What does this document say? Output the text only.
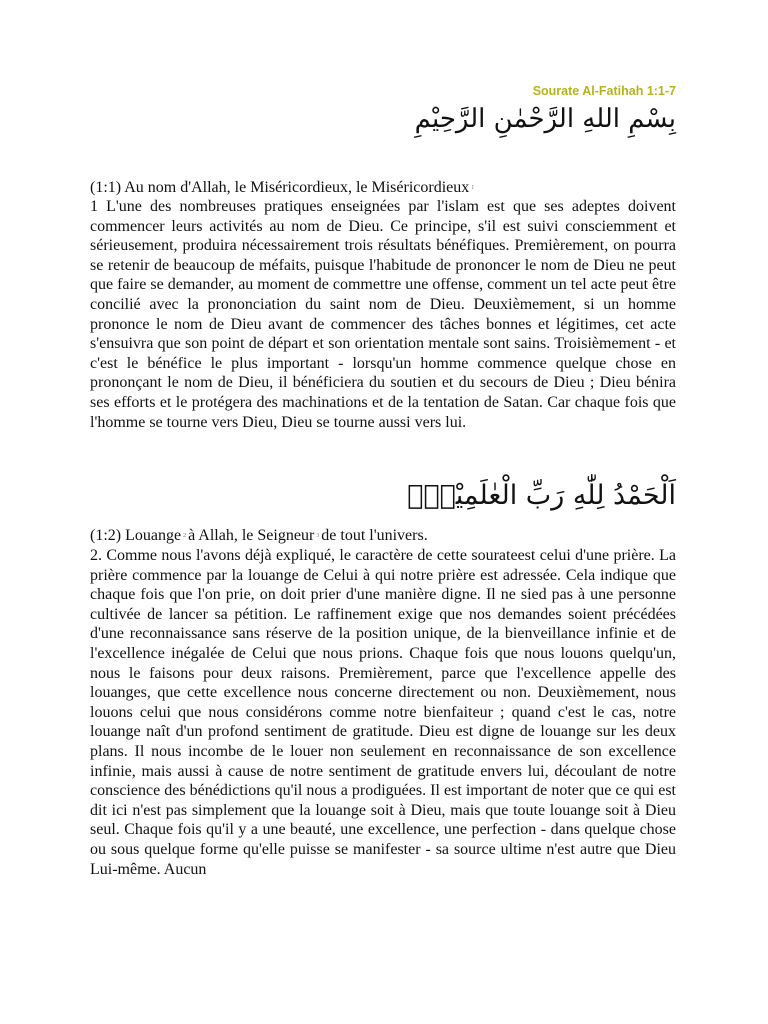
Sourate Al-Fatihah 1:1-7
بِسْمِ اللهِ الرَّحْمٰنِ الرَّحِيْمِ
(1:1) Au nom d'Allah, le Miséricordieux, le Miséricordieux 1
1 L'une des nombreuses pratiques enseignées par l'islam est que ses adeptes doivent commencer leurs activités au nom de Dieu. Ce principe, s'il est suivi consciemment et sérieusement, produira nécessairement trois résultats bénéfiques. Premièrement, on pourra se retenir de beaucoup de méfaits, puisque l'habitude de prononcer le nom de Dieu ne peut que faire se demander, au moment de commettre une offense, comment un tel acte peut être concilié avec la prononciation du saint nom de Dieu. Deuxièmement, si un homme prononce le nom de Dieu avant de commencer des tâches bonnes et légitimes, cet acte s'ensuivra que son point de départ et son orientation mentale sont sains. Troisièmement - et c'est le bénéfice le plus important - lorsqu'un homme commence quelque chose en prononçant le nom de Dieu, il bénéficiera du soutien et du secours de Dieu ; Dieu bénira ses efforts et le protégera des machinations et de la tentation de Satan. Car chaque fois que l'homme se tourne vers Dieu, Dieu se tourne aussi vers lui.
اَلْحَمْدُ لِلّٰهِ رَبِّ الْعٰلَمِيْنَۙ
(1:2) Louange 2 à Allah, le Seigneur 3 de tout l'univers.
2. Comme nous l'avons déjà expliqué, le caractère de cette sourateest celui d'une prière. La prière commence par la louange de Celui à qui notre prière est adressée. Cela indique que chaque fois que l'on prie, on doit prier d'une manière digne. Il ne sied pas à une personne cultivée de lancer sa pétition. Le raffinement exige que nos demandes soient précédées d'une reconnaissance sans réserve de la position unique, de la bienveillance infinie et de l'excellence inégalée de Celui que nous prions. Chaque fois que nous louons quelqu'un, nous le faisons pour deux raisons. Premièrement, parce que l'excellence appelle des louanges, que cette excellence nous concerne directement ou non. Deuxièmement, nous louons celui que nous considérons comme notre bienfaiteur ; quand c'est le cas, notre louange naît d'un profond sentiment de gratitude. Dieu est digne de louange sur les deux plans. Il nous incombe de le louer non seulement en reconnaissance de son excellence infinie, mais aussi à cause de notre sentiment de gratitude envers lui, découlant de notre conscience des bénédictions qu'il nous a prodiguées. Il est important de noter que ce qui est dit ici n'est pas simplement que la louange soit à Dieu, mais que toute louange soit à Dieu seul. Chaque fois qu'il y a une beauté, une excellence, une perfection - dans quelque chose ou sous quelque forme qu'elle puisse se manifester - sa source ultime n'est autre que Dieu Lui-même. Aucun
